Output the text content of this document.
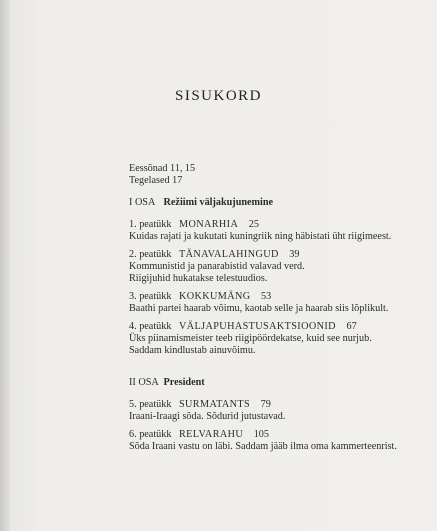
SISUKORD
Eessõnad 11, 15
Tegelased 17
I OSA Režiimi väljakujunemine
1. peatükk MONARHIA 25
Kuidas rajati ja kukutati kuningriik ning häbistati üht riigimeest.
2. peatükk TÄNAVALAHINGUD 39
Kommunistid ja panarabistid valavad verd.
Riigijuhid hukatakse telestuudios.
3. peatükk KOKKUMÄNG 53
Baathi partei haarab võimu, kaotab selle ja haarab siis lõplikult.
4. peatükk VÄLJAPUHASTUSAKTSIOONID 67
Üks piinamismeister teeb riigipöördekatse, kuid see nurjub.
Saddam kindlustab ainuvõimu.
II OSA President
5. peatükk SURMATANTS 79
Iraani-Iraagi sõda. Sõdurid jutustavad.
6. peatükk RELVARAHU 105
Sõda Iraani vastu on läbi. Saddam jääb ilma oma kammerteenrist.
